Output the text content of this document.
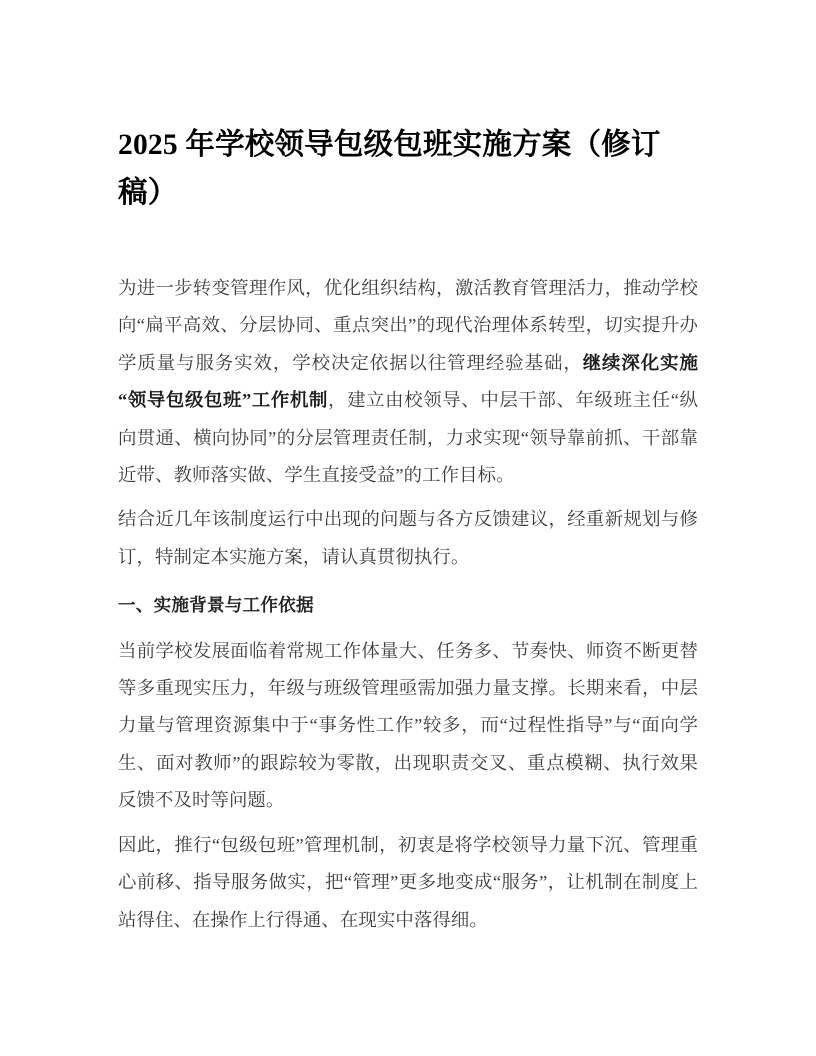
2025 年学校领导包级包班实施方案（修订稿）

为进一步转变管理作风，优化组织结构，激活教育管理活力，推动学校向“扁平高效、分层协同、重点突出”的现代治理体系转型，切实提升办学质量与服务实效，学校决定依据以往管理经验基础，继续深化实施“领导包级包班”工作机制，建立由校领导、中层干部、年级班主任“纵向贯通、横向协同”的分层管理责任制，力求实现“领导靠前抓、干部靠近带、教师落实做、学生直接受益”的工作目标。

结合近几年该制度运行中出现的问题与各方反馈建议，经重新规划与修订，特制定本实施方案，请认真贯彻执行。

一、实施背景与工作依据

当前学校发展面临着常规工作体量大、任务多、节奏快、师资不断更替等多重现实压力，年级与班级管理亟需加强力量支撑。长期来看，中层力量与管理资源集中于“事务性工作”较多，而“过程性指导”与“面向学生、面对教师”的跟踪较为零散，出现职责交叉、重点模糊、执行效果反馈不及时等问题。

因此，推行“包级包班”管理机制，初衷是将学校领导力量下沉、管理重心前移、指导服务做实，把“管理”更多地变成“服务”，让机制在制度上站得住、在操作上行得通、在现实中落得细。
